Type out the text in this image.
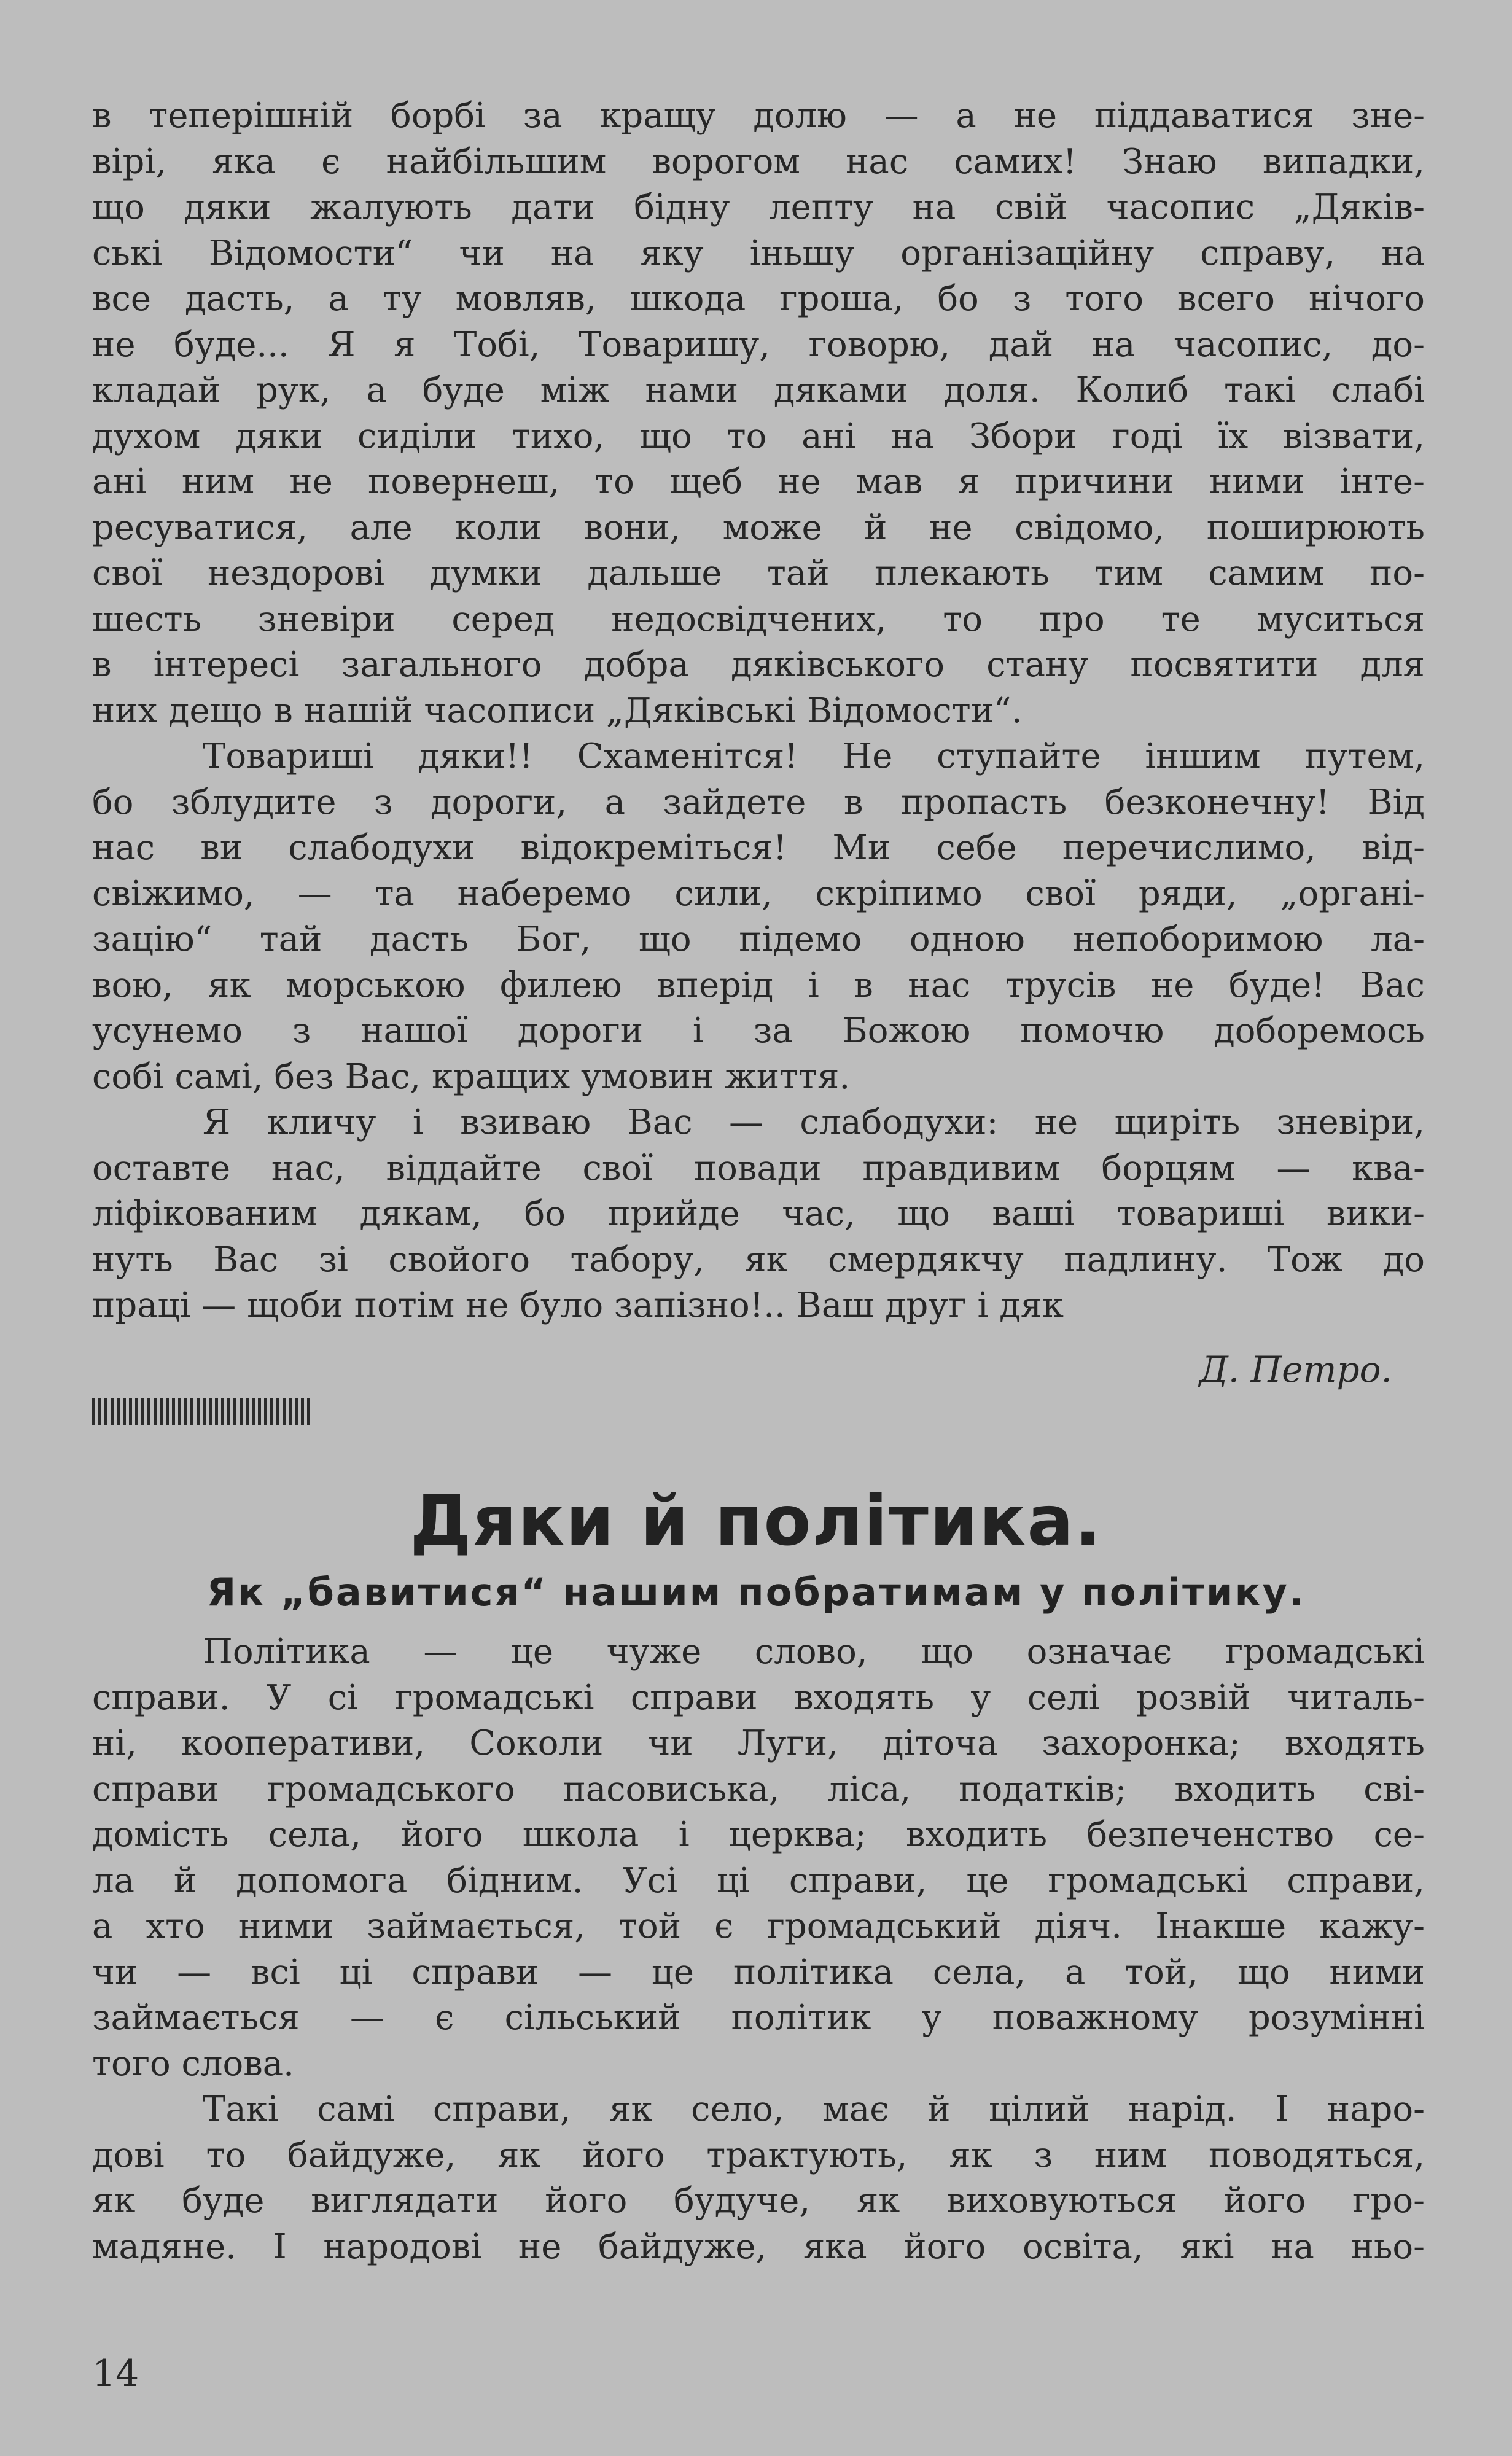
в теперішній борбі за кращу долю — а не піддаватися зне-
вірі, яка є найбільшим ворогом нас самих! Знаю випадки,
що дяки жалують дати бідну лепту на свій часопис „Дяків-
ські Відомости“ чи на яку іньшу організаційну справу, на
все дасть, а ту мовляв, шкода гроша, бо з того всего нічого
не буде... Я я Тобі, Товаришу, говорю, дай на часопис, до-
кладай рук, а буде між нами дяками доля. Колиб такі слабі
духом дяки сиділи тихо, що то ані на Збори годі їх візвати,
ані ним не повернеш, то щеб не мав я причини ними інте-
ресуватися, але коли вони, може й не свідомо, поширюють
свої нездорові думки дальше тай плекають тим самим по-
шесть зневіри серед недосвідчених, то про те муситься
в інтересі загального добра дяківського стану посвятити для
них дещо в нашій часописи „Дяківські Відомости“.
Товариші дяки!! Схаменітся! Не ступайте іншим путем,
бо зблудите з дороги, а зайдете в пропасть безконечну! Від
нас ви слабодухи відокреміться! Ми себе перечислимо, від-
свіжимо, — та наберемо сили, скріпимо свої ряди, „органі-
зацію“ тай дасть Бог, що підемо одною непоборимою ла-
вою, як морською филею вперід і в нас трусів не буде! Вас
усунемо з нашої дороги і за Божою помочю доборемось
собі самі, без Вас, кращих умовин життя.
Я кличу і взиваю Вас — слабодухи: не щиріть зневіри,
оставте нас, віддайте свої повади правдивим борцям — ква-
ліфікованим дякам, бо прийде час, що ваші товариші вики-
нуть Вас зі свойого табору, як смердякчу падлину. Тож до
праці — щоби потім не було запізно!.. Ваш друг і дяк
Д. Петро.
Дяки й політика.
Як „бавитися“ нашим побратимам у політику.
Політика — це чуже слово, що означає громадські
справи. У сі громадські справи входять у селі розвій читаль-
ні, кооперативи, Соколи чи Луги, діточа захоронка; входять
справи громадського пасовиська, ліса, податків; входить сві-
домість села, його школа і церква; входить безпеченство се-
ла й допомога бідним. Усі ці справи, це громадські справи,
а хто ними займається, той є громадський діяч. Інакше кажу-
чи — всі ці справи — це політика села, а той, що ними
займається — є сільський політик у поважному розумінні
того слова.
Такі самі справи, як село, має й цілий нарід. І наро-
дові то байдуже, як його трактують, як з ним поводяться,
як буде виглядати його будуче, як виховуються його гро-
мадяне. І народові не байдуже, яка його освіта, які на ньо-
14
